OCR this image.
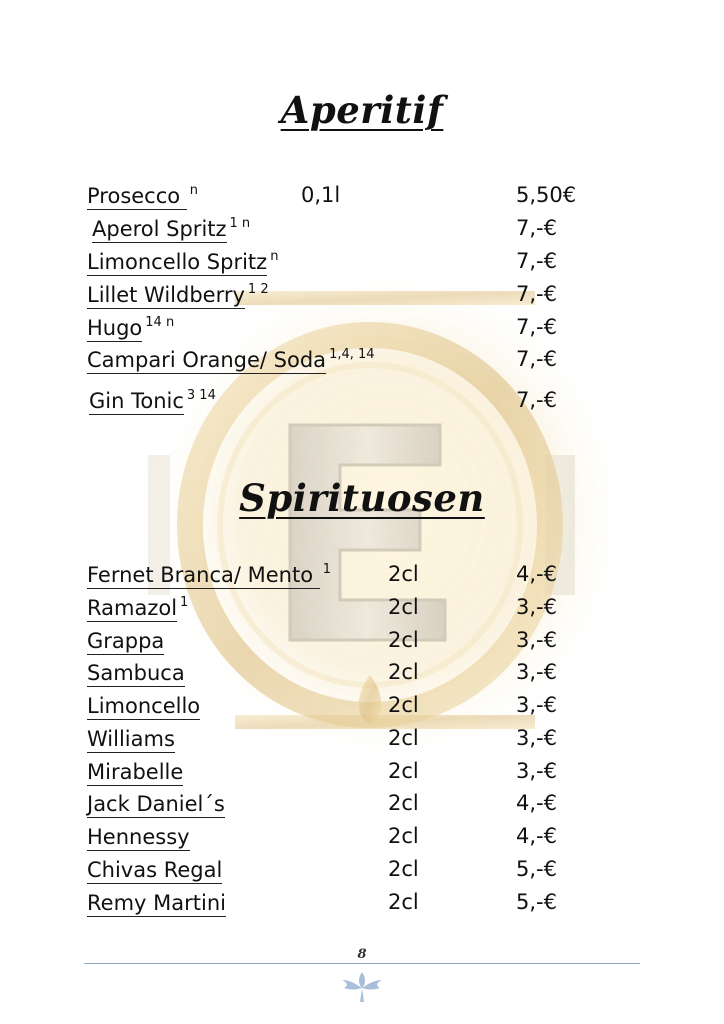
Aperitif
Prosecco $^n$	0,1l	5,50€
Aperol Spritz $^{1 n}$	7,-€
Limoncello Spritz $^n$	7,-€
Lillet Wildberry $^{1 2}$	7,-€
Hugo $^{14 n}$	7,-€
Campari Orange/ Soda $^{1,4, 14}$	7,-€
Gin Tonic $^{3 14}$	7,-€
Spirituosen
Fernet Branca/ Mento $^1$	2cl	4,-€
Ramazol $^1$	2cl	3,-€
Grappa	2cl	3,-€
Sambuca	2cl	3,-€
Limoncello	2cl	3,-€
Williams	2cl	3,-€
Mirabelle	2cl	3,-€
Jack Daniel´s	2cl	4,-€
Hennessy	2cl	4,-€
Chivas Regal	2cl	5,-€
Remy Martini	2cl	5,-€
8
